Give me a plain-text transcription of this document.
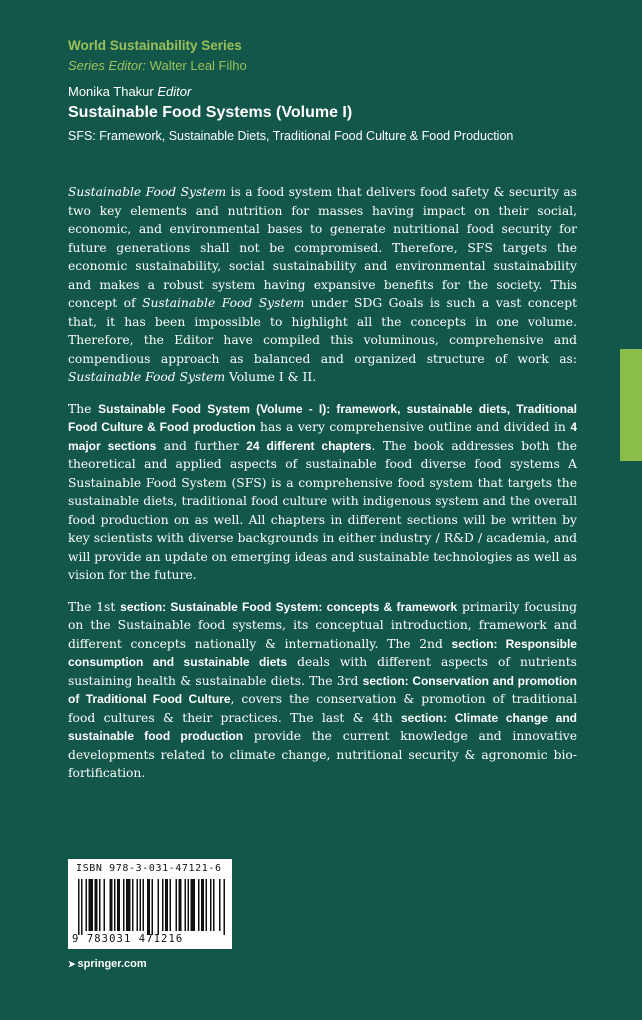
World Sustainability Series
Series Editor: Walter Leal Filho
Monika Thakur Editor
Sustainable Food Systems (Volume I)
SFS: Framework, Sustainable Diets, Traditional Food Culture & Food Production

Sustainable Food System is a food system that delivers food safety & security as two key elements and nutrition for masses having impact on their social, economic, and environmental bases to generate nutritional food security for future generations shall not be compromised. Therefore, SFS targets the economic sustainability, social sustainability and environmental sustainability and makes a robust system having expansive benefits for the society. This concept of Sustainable Food System under SDG Goals is such a vast concept that, it has been impossible to highlight all the concepts in one volume. Therefore, the Editor have compiled this voluminous, comprehensive and compendious approach as balanced and organized structure of work as: Sustainable Food System Volume I & II.

The Sustainable Food System (Volume - I): framework, sustainable diets, Traditional Food Culture & Food production has a very comprehensive outline and divided in 4 major sections and further 24 different chapters. The book addresses both the theoretical and applied aspects of sustainable food diverse food systems A Sustainable Food System (SFS) is a comprehensive food system that targets the sustainable diets, traditional food culture with indigenous system and the overall food production on as well. All chapters in different sections will be written by key scientists with diverse backgrounds in either industry / R&D / academia, and will provide an update on emerging ideas and sustainable technologies as well as vision for the future.

The 1st section: Sustainable Food System: concepts & framework primarily focusing on the Sustainable food systems, its conceptual introduction, framework and different concepts nationally & internationally. The 2nd section: Responsible consumption and sustainable diets deals with different aspects of nutrients sustaining health & sustainable diets. The 3rd section: Conservation and promotion of Traditional Food Culture, covers the conservation & promotion of traditional food cultures & their practices. The last & 4th section: Climate change and sustainable food production provide the current knowledge and innovative developments related to climate change, nutritional security & agronomic bio-fortification.

ISBN 978-3-031-47121-6
9 783031 471216
➤ springer.com
